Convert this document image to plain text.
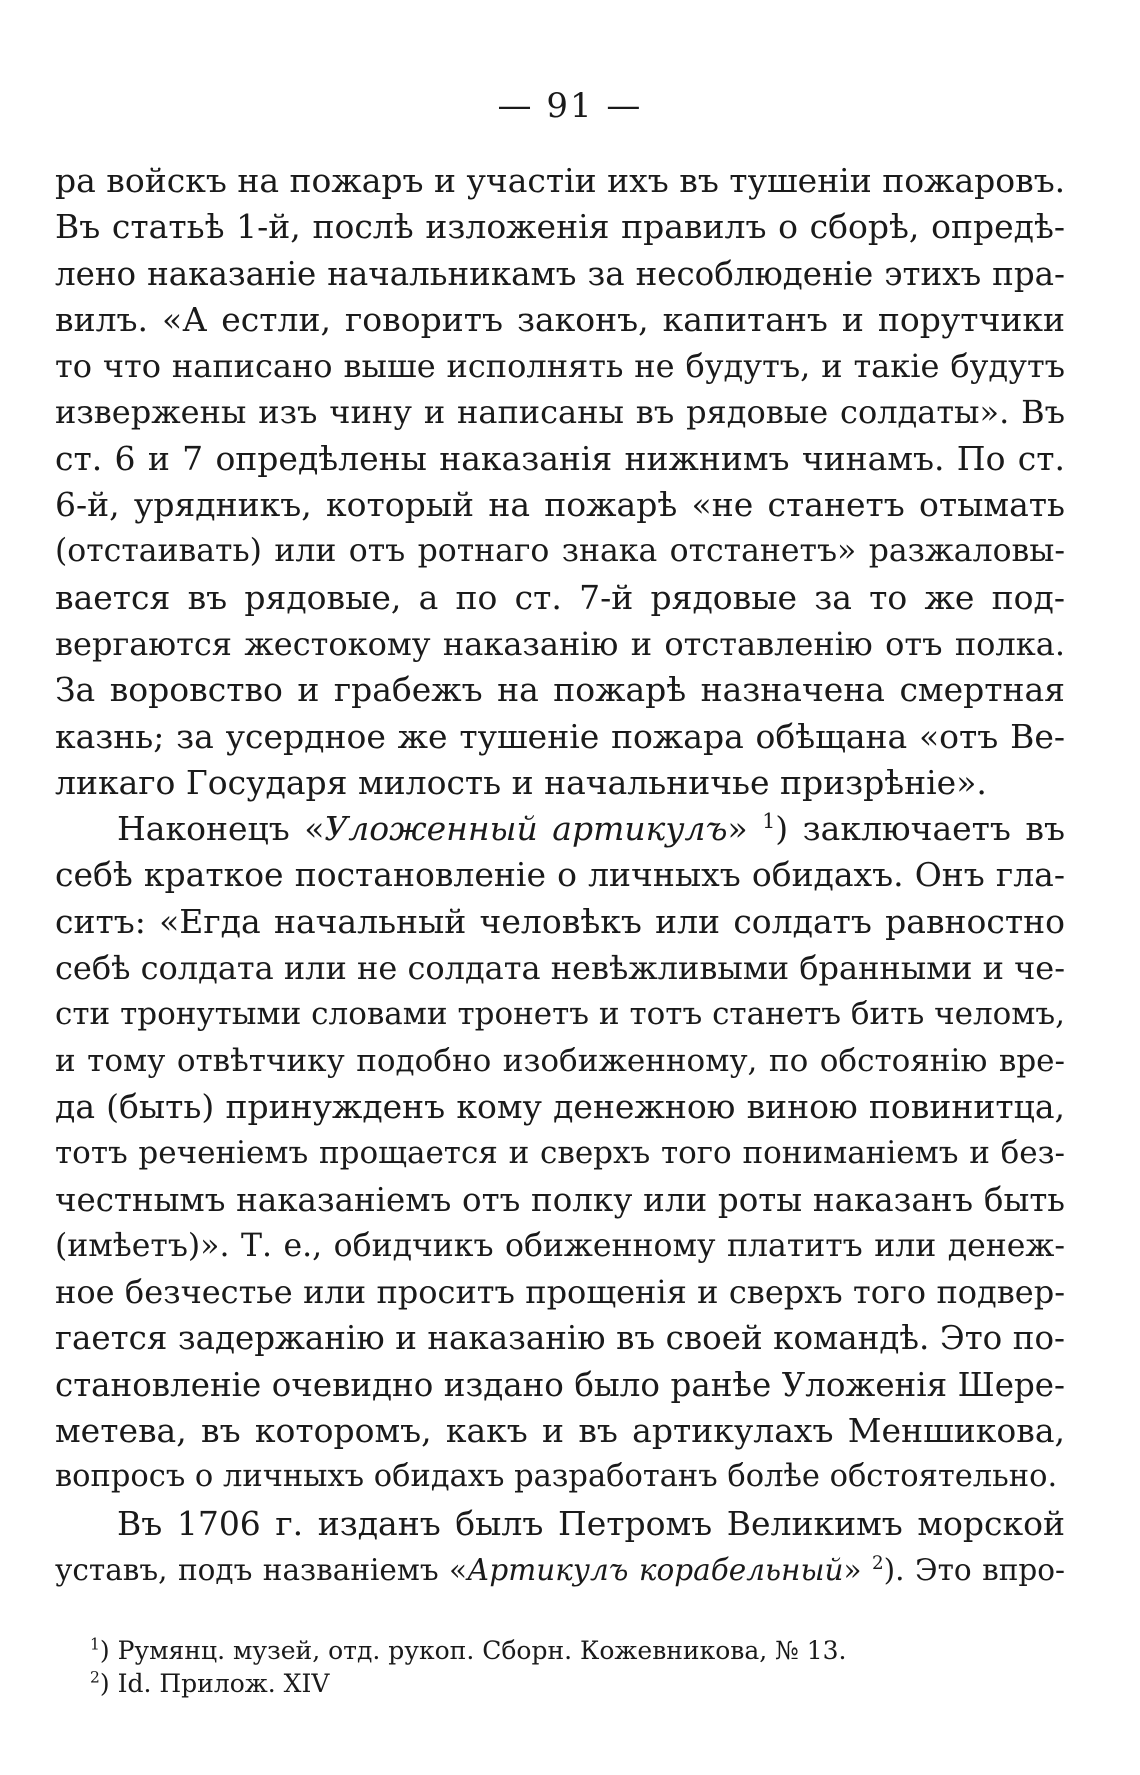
— 91 —
ра войскъ на пожаръ и участіи ихъ въ тушеніи пожаровъ.
Въ статьѣ 1-й, послѣ изложенія правилъ о сборѣ, опредѣ-
лено наказаніе начальникамъ за несоблюденіе этихъ пра-
вилъ. «А естли, говоритъ законъ, капитанъ и порутчики
то что написано выше исполнять не будутъ, и такіе будутъ
извержены изъ чину и написаны въ рядовые солдаты». Въ
ст. 6 и 7 опредѣлены наказанія нижнимъ чинамъ. По ст.
6-й, урядникъ, который на пожарѣ «не станетъ отымать
(отстаивать) или отъ ротнаго знака отстанетъ» разжаловы-
вается въ рядовые, а по ст. 7-й рядовые за то же под-
вергаются жестокому наказанію и отставленію отъ полка.
За воровство и грабежъ на пожарѣ назначена смертная
казнь; за усердное же тушеніе пожара обѣщана «отъ Ве-
ликаго Государя милость и начальничье призрѣніе».
Наконецъ «Уложенный артикулъ» $^1$) заключаетъ въ
себѣ краткое постановленіе о личныхъ обидахъ. Онъ гла-
ситъ: «Егда начальный человѣкъ или солдатъ равностно
себѣ солдата или не солдата невѣжливыми бранными и че-
сти тронутыми словами тронетъ и тотъ станетъ бить челомъ,
и тому отвѣтчику подобно изобиженному, по обстоянію вре-
да (быть) принужденъ кому денежною виною повинитца,
тотъ реченіемъ прощается и сверхъ того пониманіемъ и без-
честнымъ наказаніемъ отъ полку или роты наказанъ быть
(имѣетъ)». Т. е., обидчикъ обиженному платитъ или денеж-
ное безчестье или проситъ прощенія и сверхъ того подвер-
гается задержанію и наказанію въ своей командѣ. Это по-
становленіе очевидно издано было ранѣе Уложенія Шере-
метева, въ которомъ, какъ и въ артикулахъ Меншикова,
вопросъ о личныхъ обидахъ разработанъ болѣе обстоятельно.
Въ 1706 г. изданъ былъ Петромъ Великимъ морской
уставъ, подъ названіемъ «Артикулъ корабельный» $^2$). Это впро-
$^1$) Румянц. музей, отд. рукоп. Сборн. Кожевникова, № 13.
$^2$) Id. Прилож. XIV
